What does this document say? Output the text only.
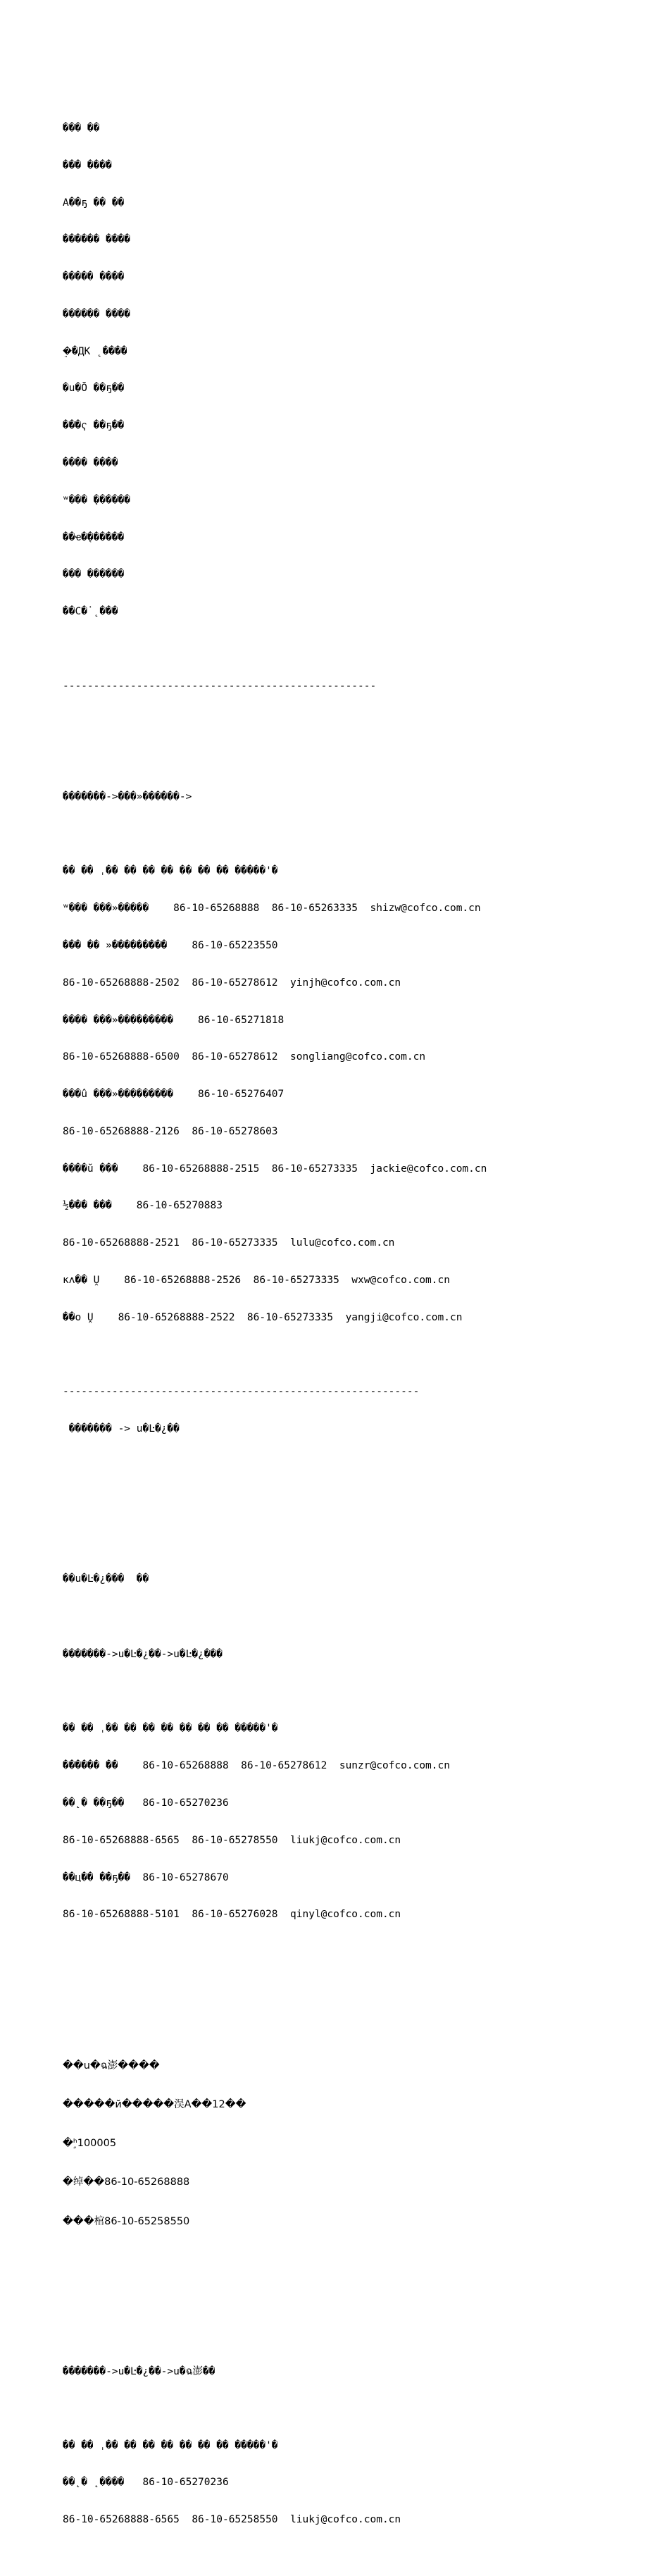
��� ��

��� ����

A��ҕ �� ��

������ ����

����� ����

������ ����

�ܸ�ДK ˛����

�ս�Ō ��ҕ��

���ҁ ��ҕ��

���� ����

ʷ��� ֖������

��ҽ�֖������

��� ������

��C�֫ ˛���

---------------------------------------------------

�������->���»������->

�� �� ˌ�� �� �� �� �� �� �� �����'�

ʷ��� ���»�����    86-10-65268888  86-10-65263335  shizw@cofco.com.cn

��� �� »���������    86-10-65223550

86-10-65268888-2502  86-10-65278612  yinjh@cofco.com.cn

���� ���»���������    86-10-65271818

86-10-65268888-6500  86-10-65278612  songliang@cofco.com.cn

���û ���»���������    86-10-65276407

86-10-65268888-2126  86-10-65278603

����ŭ ���    86-10-65268888-2515  86-10-65273335  jackie@cofco.com.cn

½��� ���    86-10-65270883

86-10-65268888-2521  86-10-65273335  lulu@cofco.com.cn

кʌ�� Ṷ    86-10-65268888-2526  86-10-65273335  wxw@cofco.com.cn

��ο Ṷ    86-10-65268888-2522  86-10-65273335  yangji@cofco.com.cn

----------------------------------------------------------

������� -> u�Ŀ�¿��

��u�Ŀ�¿���  ��

�������->u�Ŀ�¿��->u�Ŀ�¿���

�� �� ˌ�� �� �� �� �� �� �� �����'�

������ ��    86-10-65268888  86-10-65278612  sunzr@cofco.com.cn

��˛� ��ҕ��   86-10-65270236

86-10-65268888-6565  86-10-65278550  liukj@cofco.com.cn

��ц�� ��ҕ��  86-10-65278670

86-10-65268888-5101  86-10-65276028  qinyl@cofco.com.cn

��u�ฉ澎����

�����й�����洖A��12��

�ʰ̧100005

�绰��86-10-65268888

���棺86-10-65258550

�������->u�Ŀ�¿��->u�ฉ澎��

�� �� ˌ�� �� �� �� �� �� �� �����'�

��˛� ˛����   86-10-65270236

86-10-65268888-6565  86-10-65258550  liukj@cofco.com.cn
